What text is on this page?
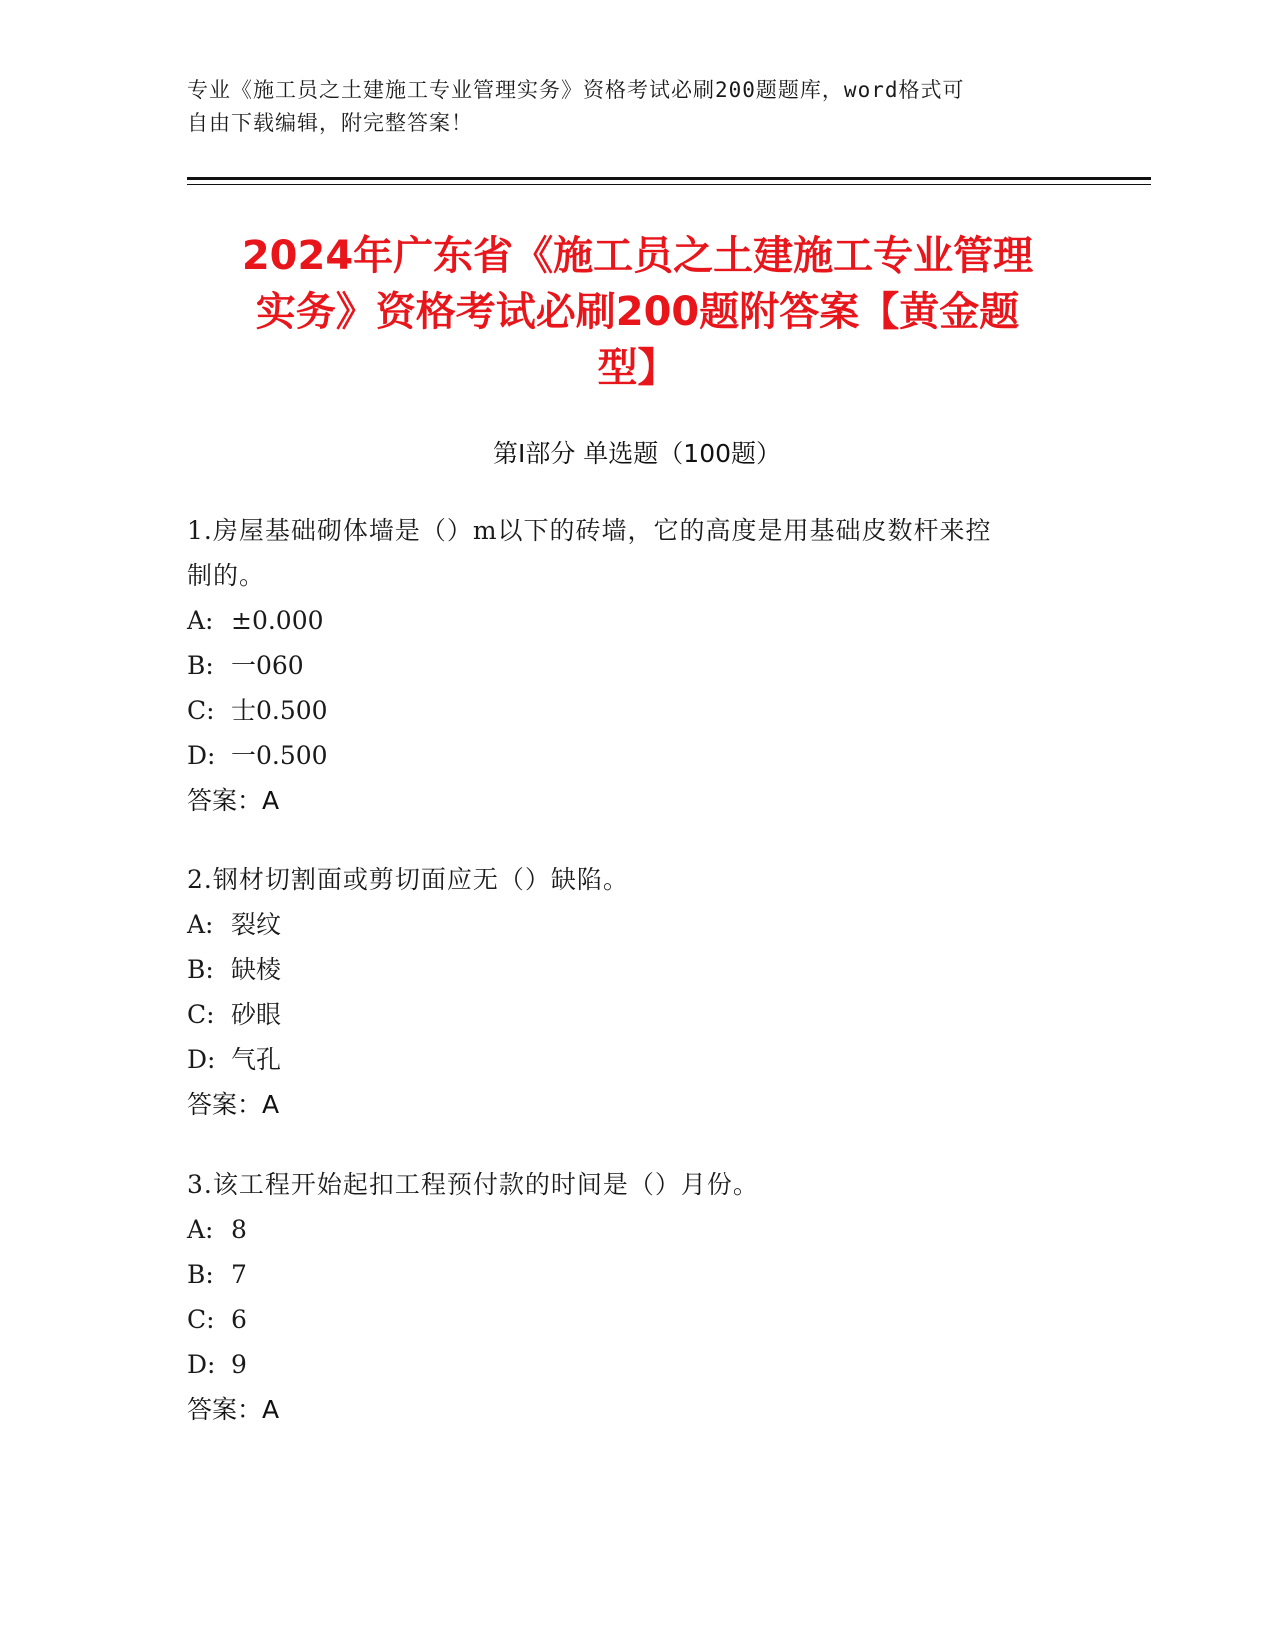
专业《施工员之土建施工专业管理实务》资格考试必刷200题题库，word格式可
自由下载编辑，附完整答案！
2024年广东省《施工员之土建施工专业管理
实务》资格考试必刷200题附答案【黄金题
型】
第Ⅰ部分 单选题（100题）
1.房屋基础砌体墙是（）m以下的砖墙，它的高度是用基础皮数杆来控
制的。
A: ±0.000
B: 一060
C: 士0.500
D: 一0.500
答案：A
2.钢材切割面或剪切面应无（）缺陷。
A: 裂纹
B: 缺棱
C: 砂眼
D: 气孔
答案：A
3.该工程开始起扣工程预付款的时间是（）月份。
A: 8
B: 7
C: 6
D: 9
答案：A
